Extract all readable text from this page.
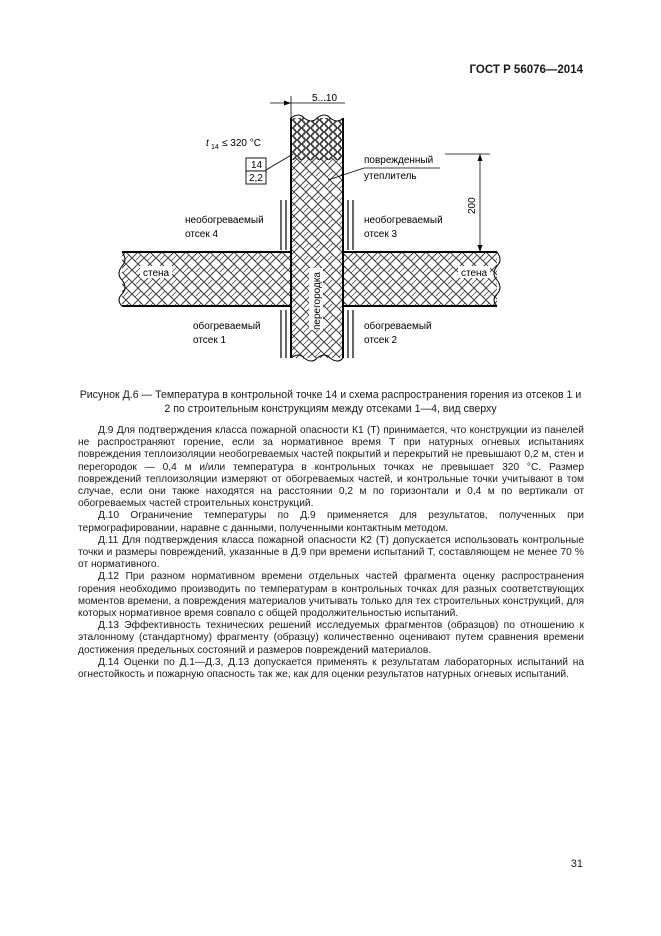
ГОСТ Р 56076—2014
5...10
200
t 14 ≤ 320 °C
14
2,2
поврежденный
утеплитель
необогреваемый
отсек 4
необогреваемый
отсек 3
обогреваемый
отсек 1
обогреваемый
отсек 2
стена	стена
перегородка
Рисунок Д.6 — Температура в контрольной точке 14 и схема распространения горения из отсеков 1 и
2 по строительным конструкциям между отсеками 1—4, вид сверху

Д.9 Для подтверждения класса пожарной опасности К1 (Т) принимается, что конструкции из панелей не распространяют горение, если за нормативное время Т при натурных огневых испытаниях повреждения теплоизоляции необогреваемых частей покрытий и перекрытий не превышают 0,2 м, стен и перегородок — 0,4 м и/или температура в контрольных точках не превышает 320 °С. Размер повреждений теплоизоляции измеряют от обогреваемых частей, и контрольные точки учитывают в том случае, если они также находятся на расстоянии 0,2 м по горизонтали и 0,4 м по вертикали от обогреваемых частей строительных конструкций.

Д.10 Ограничение температуры по Д.9 применяется для результатов, полученных при термографировании, наравне с данными, полученными контактным методом.

Д.11 Для подтверждения класса пожарной опасности К2 (Т) допускается использовать контрольные точки и размеры повреждений, указанные в Д.9 при времени испытаний Т, составляющем не менее 70 % от нормативного.

Д.12 При разном нормативном времени отдельных частей фрагмента оценку распространения горения необходимо производить по температурам в контрольных точках для разных соответствующих моментов времени, а повреждения материалов учитывать только для тех строительных конструкций, для которых нормативное время совпало с общей продолжительностью испытаний.

Д.13 Эффективность технических решений исследуемых фрагментов (образцов) по отношению к эталонному (стандартному) фрагменту (образцу) количественно оценивают путем сравнения времени достижения предельных состояний и размеров повреждений материалов.

Д.14 Оценки по Д.1—Д.3, Д.13 допускается применять к результатам лабораторных испытаний на огнестойкость и пожарную опасность так же, как для оценки результатов натурных огневых испытаний.

31
